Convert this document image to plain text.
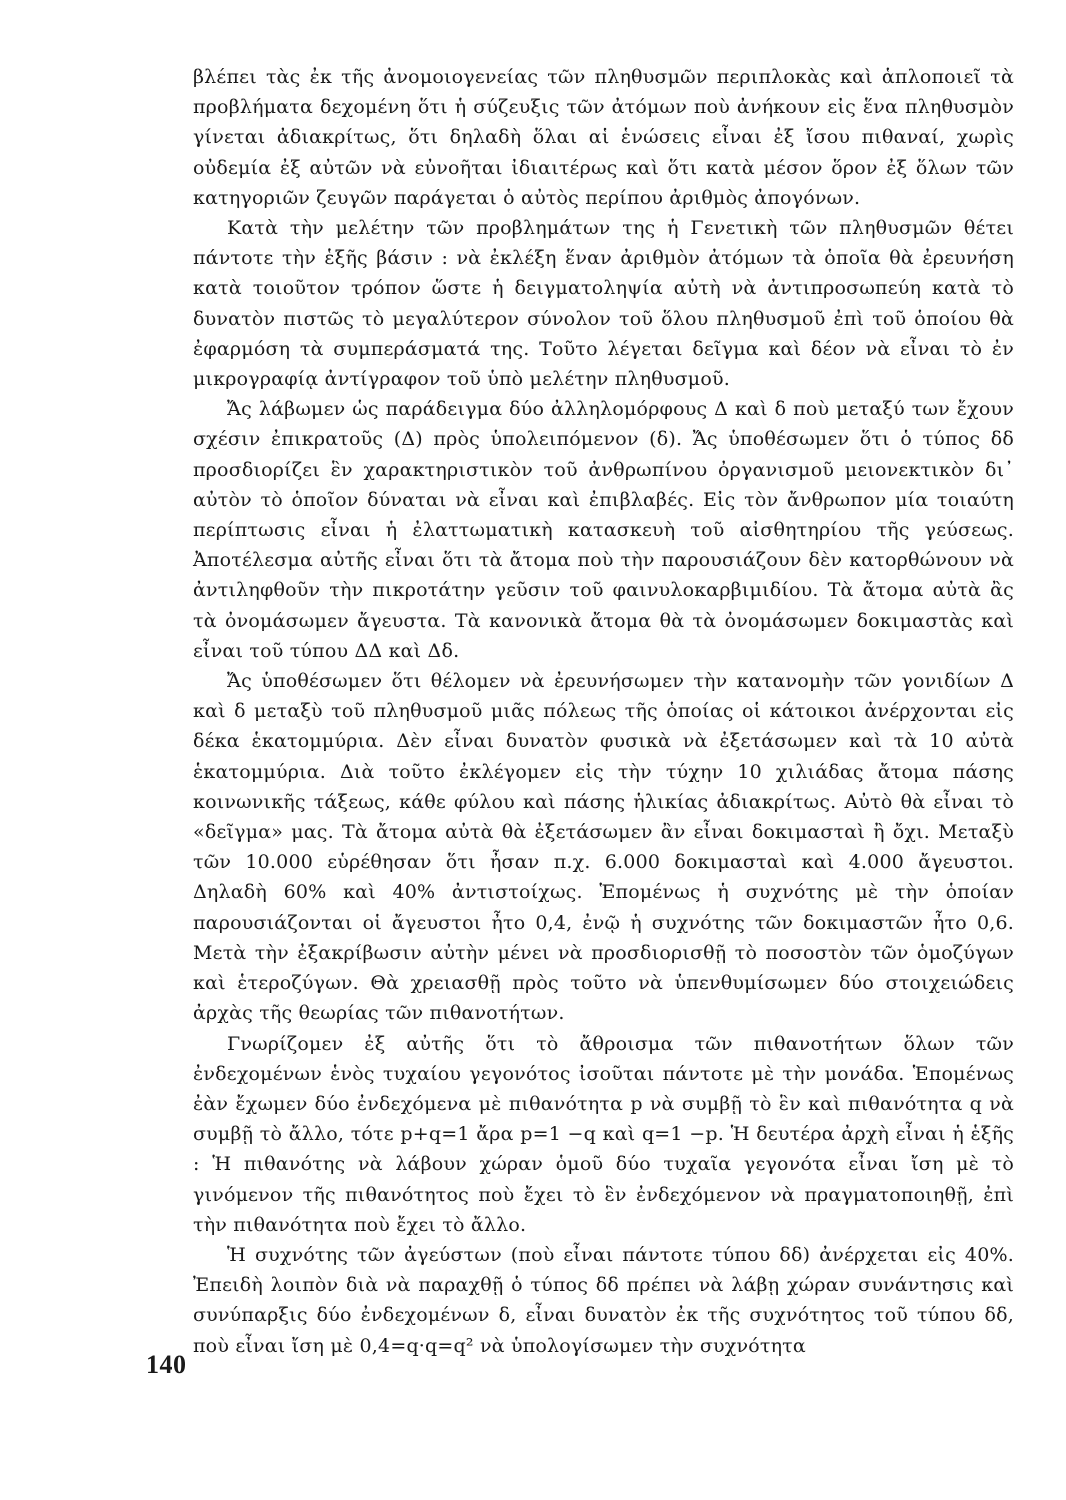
βλέπει τὰς ἐκ τῆς ἀνομοιογενείας τῶν πληθυσμῶν περιπλοκὰς καὶ ἁπλοποιεῖ τὰ προβλήματα δεχομένη ὅτι ἡ σύζευξις τῶν ἀτόμων ποὺ ἀνήκουν εἰς ἕνα πληθυσμὸν γίνεται ἀδιακρίτως, ὅτι δηλαδὴ ὅλαι αἱ ἑνώσεις εἶναι ἐξ ἴσου πιθαναί, χωρὶς οὐδεμία ἐξ αὐτῶν νὰ εὐνοῆται ἰδιαιτέρως καὶ ὅτι κατὰ μέσον ὅρον ἐξ ὅλων τῶν κατηγοριῶν ζευγῶν παράγεται ὁ αὐτὸς περίπου ἀριθμὸς ἀπογόνων.

Κατὰ τὴν μελέτην τῶν προβλημάτων της ἡ Γενετικὴ τῶν πληθυσμῶν θέτει πάντοτε τὴν ἑξῆς βάσιν : νὰ ἐκλέξη ἕναν ἀριθμὸν ἀτόμων τὰ ὁποῖα θὰ ἐρευνήση κατὰ τοιοῦτον τρόπον ὥστε ἡ δειγματοληψία αὐτὴ νὰ ἀντιπροσωπεύη κατὰ τὸ δυνατὸν πιστῶς τὸ μεγαλύτερον σύνολον τοῦ ὅλου πληθυσμοῦ ἐπὶ τοῦ ὁποίου θὰ ἐφαρμόση τὰ συμπεράσματά της. Τοῦτο λέγεται δεῖγμα καὶ δέον νὰ εἶναι τὸ ἐν μικρογραφίᾳ ἀντίγραφον τοῦ ὑπὸ μελέτην πληθυσμοῦ.

Ἄς λάβωμεν ὡς παράδειγμα δύο ἀλληλομόρφους Δ καὶ δ ποὺ μεταξύ των ἔχουν σχέσιν ἐπικρατοῦς (Δ) πρὸς ὑπολειπόμενον (δ). Ἄς ὑποθέσωμεν ὅτι ὁ τύπος δδ προσδιορίζει ἓν χαρακτηριστικὸν τοῦ ἀνθρωπίνου ὀργανισμοῦ μειονεκτικὸν δι᾽ αὐτὸν τὸ ὁποῖον δύναται νὰ εἶναι καὶ ἐπιβλαβές. Εἰς τὸν ἄνθρωπον μία τοιαύτη περίπτωσις εἶναι ἡ ἐλαττωματικὴ κατασκευὴ τοῦ αἰσθητηρίου τῆς γεύσεως. Ἀποτέλεσμα αὐτῆς εἶναι ὅτι τὰ ἄτομα ποὺ τὴν παρουσιάζουν δὲν κατορθώνουν νὰ ἀντιληφθοῦν τὴν πικροτάτην γεῦσιν τοῦ φαινυλοκαρβιμιδίου. Τὰ ἄτομα αὐτὰ ἂς τὰ ὀνομάσωμεν ἄγευστα. Τὰ κανονικὰ ἄτομα θὰ τὰ ὀνομάσωμεν δοκιμαστὰς καὶ εἶναι τοῦ τύπου ΔΔ καὶ Δδ.

Ἄς ὑποθέσωμεν ὅτι θέλομεν νὰ ἐρευνήσωμεν τὴν κατανομὴν τῶν γονιδίων Δ καὶ δ μεταξὺ τοῦ πληθυσμοῦ μιᾶς πόλεως τῆς ὁποίας οἱ κάτοικοι ἀνέρχονται εἰς δέκα ἑκατομμύρια. Δὲν εἶναι δυνατὸν φυσικὰ νὰ ἐξετάσωμεν καὶ τὰ 10 αὐτὰ ἑκατομμύρια. Διὰ τοῦτο ἐκλέγομεν εἰς τὴν τύχην 10 χιλιάδας ἄτομα πάσης κοινωνικῆς τάξεως, κάθε φύλου καὶ πάσης ἡλικίας ἀδιακρίτως. Αὐτὸ θὰ εἶναι τὸ «δεῖγμα» μας. Τὰ ἄτομα αὐτὰ θὰ ἐξετάσωμεν ἂν εἶναι δοκιμασταὶ ἢ ὄχι. Μεταξὺ τῶν 10.000 εὑρέθησαν ὅτι ἦσαν π.χ. 6.000 δοκιμασταὶ καὶ 4.000 ἄγευστοι. Δηλαδὴ 60% καὶ 40% ἀντιστοίχως. Ἑπομένως ἡ συχνότης μὲ τὴν ὁποίαν παρουσιάζονται οἱ ἄγευστοι ἦτο 0,4, ἐνῷ ἡ συχνότης τῶν δοκιμαστῶν ἦτο 0,6. Μετὰ τὴν ἐξακρίβωσιν αὐτὴν μένει νὰ προσδιορισθῇ τὸ ποσοστὸν τῶν ὁμοζύγων καὶ ἑτεροζύγων. Θὰ χρειασθῇ πρὸς τοῦτο νὰ ὑπενθυμίσωμεν δύο στοιχειώδεις ἀρχὰς τῆς θεωρίας τῶν πιθανοτήτων.

Γνωρίζομεν ἐξ αὐτῆς ὅτι τὸ ἄθροισμα τῶν πιθανοτήτων ὅλων τῶν ἐνδεχομένων ἑνὸς τυχαίου γεγονότος ἰσοῦται πάντοτε μὲ τὴν μονάδα. Ἑπομένως ἐὰν ἔχωμεν δύο ἐνδεχόμενα μὲ πιθανότητα p νὰ συμβῇ τὸ ἓν καὶ πιθανότητα q νὰ συμβῇ τὸ ἄλλο, τότε p+q=1 ἄρα p=1 −q καὶ q=1 −p. Ἡ δευτέρα ἀρχὴ εἶναι ἡ ἑξῆς : Ἡ πιθανότης νὰ λάβουν χώραν ὁμοῦ δύο τυχαῖα γεγονότα εἶναι ἴση μὲ τὸ γινόμενον τῆς πιθανότητος ποὺ ἔχει τὸ ἓν ἐνδεχόμενον νὰ πραγματοποιηθῇ, ἐπὶ τὴν πιθανότητα ποὺ ἔχει τὸ ἄλλο.

Ἡ συχνότης τῶν ἀγεύστων (ποὺ εἶναι πάντοτε τύπου δδ) ἀνέρχεται εἰς 40%. Ἐπειδὴ λοιπὸν διὰ νὰ παραχθῇ ὁ τύπος δδ πρέπει νὰ λάβῃ χώραν συνάντησις καὶ συνύπαρξις δύο ἐνδεχομένων δ, εἶναι δυνατὸν ἐκ τῆς συχνότητος τοῦ τύπου δδ, ποὺ εἶναι ἴση μὲ 0,4=q·q=q² νὰ ὑπολογίσωμεν τὴν συχνότητα

140
